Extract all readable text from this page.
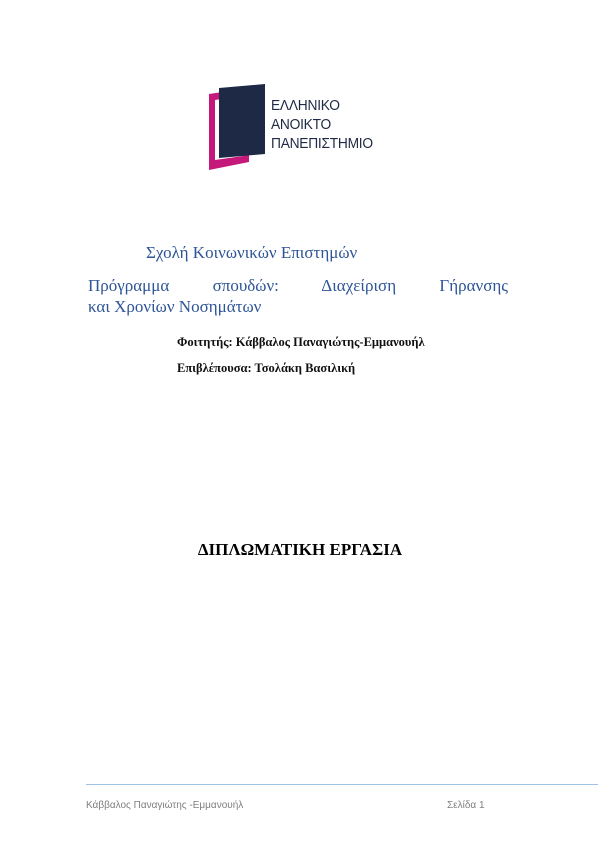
ΕΛΛΗΝΙΚΟ
ΑΝΟΙΚΤΟ
ΠΑΝΕΠΙΣΤΗΜΙΟ
Σχολή Κοινωνικών Επιστημών
Πρόγραμμα σπουδών: Διαχείριση Γήρανσης
και Χρονίων Νοσημάτων
Φοιτητής: Κάββαλος Παναγιώτης-Εμμανουήλ
Επιβλέπουσα: Τσολάκη Βασιλική
ΔΙΠΛΩΜΑΤΙΚΗ ΕΡΓΑΣΙΑ
Κάββαλος Παναγιώτης -Εμμανουήλ	Σελίδα 1
